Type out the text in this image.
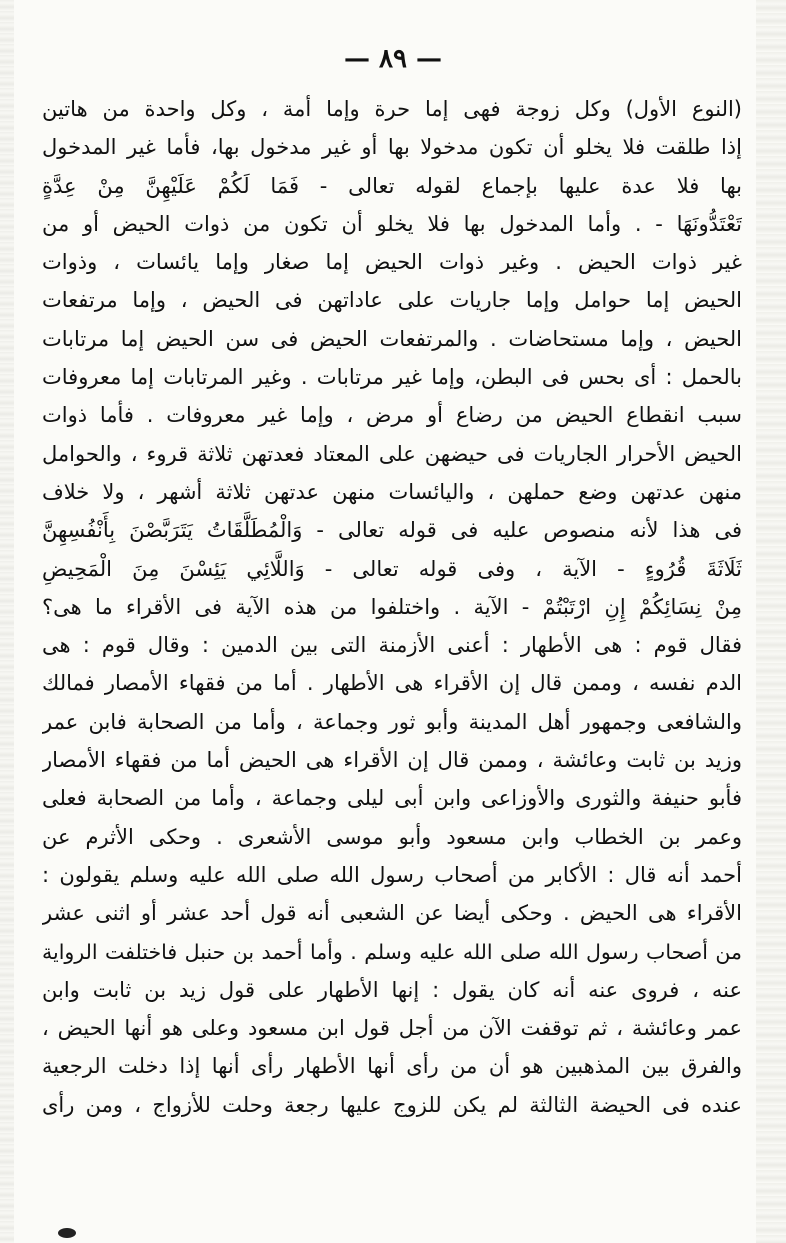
— ٨٩ —
(النوع الأول) وكل زوجة فهى إما حرة وإما أمة ، وكل واحدة من هاتين
إذا طلقت فلا يخلو أن تكون مدخولا بها أو غير مدخول بها، فأما غير المدخول
بها فلا عدة عليها بإجماع لقوله تعالى - فَمَا لَكُمْ عَلَيْهِنَّ مِنْ عِدَّةٍ
تَعْتَدُّونَهَا - . وأما المدخول بها فلا يخلو أن تكون من ذوات الحيض أو من
غير ذوات الحيض . وغير ذوات الحيض إما صغار وإما يائسات ، وذوات
الحيض إما حوامل وإما جاريات على عاداتهن فى الحيض ، وإما مرتفعات
الحيض ، وإما مستحاضات . والمرتفعات الحيض فى سن الحيض إما مرتابات
بالحمل : أى بحس فى البطن، وإما غير مرتابات . وغير المرتابات إما معروفات
سبب انقطاع الحيض من رضاع أو مرض ، وإما غير معروفات . فأما ذوات
الحيض الأحرار الجاريات فى حيضهن على المعتاد فعدتهن ثلاثة قروء ، والحوامل
منهن عدتهن وضع حملهن ، واليائسات منهن عدتهن ثلاثة أشهر ، ولا خلاف
فى هذا لأنه منصوص عليه فى قوله تعالى - وَالْمُطَلَّقَاتُ يَتَرَبَّصْنَ بِأَنْفُسِهِنَّ
ثَلَاثَةَ قُرُوءٍ - الآية ، وفى قوله تعالى - وَاللَّائِي يَئِسْنَ مِنَ الْمَحِيضِ
مِنْ نِسَائِكُمْ إِنِ ارْتَبْتُمْ - الآية . واختلفوا من هذه الآية فى الأقراء ما هى؟
فقال قوم : هى الأطهار : أعنى الأزمنة التى بين الدمين : وقال قوم : هى
الدم نفسه ، وممن قال إن الأقراء هى الأطهار . أما من فقهاء الأمصار فمالك
والشافعى وجمهور أهل المدينة وأبو ثور وجماعة ، وأما من الصحابة فابن عمر
وزيد بن ثابت وعائشة ، وممن قال إن الأقراء هى الحيض أما من فقهاء الأمصار
فأبو حنيفة والثورى والأوزاعى وابن أبى ليلى وجماعة ، وأما من الصحابة فعلى
وعمر بن الخطاب وابن مسعود وأبو موسى الأشعرى . وحكى الأثرم عن
أحمد أنه قال : الأكابر من أصحاب رسول الله صلى الله عليه وسلم يقولون :
الأقراء هى الحيض . وحكى أيضا عن الشعبى أنه قول أحد عشر أو اثنى عشر
من أصحاب رسول الله صلى الله عليه وسلم . وأما أحمد بن حنبل فاختلفت الرواية
عنه ، فروى عنه أنه كان يقول : إنها الأطهار على قول زيد بن ثابت وابن
عمر وعائشة ، ثم توقفت الآن من أجل قول ابن مسعود وعلى هو أنها الحيض ،
والفرق بين المذهبين هو أن من رأى أنها الأطهار رأى أنها إذا دخلت الرجعية
عنده فى الحيضة الثالثة لم يكن للزوج عليها رجعة وحلت للأزواج ، ومن رأى
